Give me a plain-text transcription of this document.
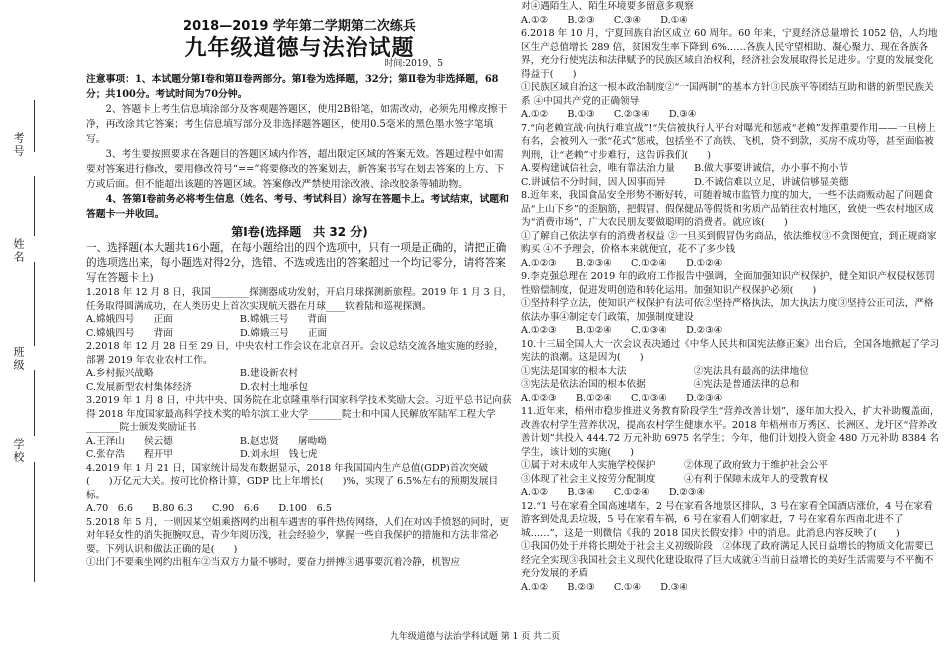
考号
姓名
班级
学校
2018—2019 学年第二学期第二次练兵
九年级道德与法治试题
时间:2019、5

注意事项：1、本试题分第Ⅰ卷和第Ⅱ卷两部分。第Ⅰ卷为选择题，32分；第Ⅱ卷为非选择题，68分；共100分。考试时间为70分钟。

2、答题卡上考生信息填涂部分及客观题答题区，使用2B铅笔，如需改动，必须先用橡皮擦干净，再改涂其它答案；考生信息填写部分及非选择题答题区，使用0.5毫米的黑色墨水签字笔填写。

3、考生要按照要求在各题目的答题区域内作答，超出限定区域的答案无效。答题过程中如需要对答案进行修改，要用修改符号“==”将要修改的答案划去，新答案书写在划去答案的上方、下方或后面。但不能超出该题的答题区域。答案修改严禁使用涂改液、涂改胶条等辅助物。

4、答第Ⅰ卷前务必将考生信息（姓名、考号、考试科目）涂写在答题卡上。考试结束，试题和答题卡一并收回。

第Ⅰ卷(选择题　共 32 分)

一、选择题(本大题共16小题，在每小题给出的四个选项中，只有一项是正确的，请把正确的选项选出来，每小题选对得2分，选错、不选或选出的答案超过一个均记零分，请将答案写在答题卡上)

1.2018 年 12 月 8 日，我国________探测器成功发射，开启月球探测新旅程。2019 年 1 月 3 日，任务取得圆满成功，在人类历史上首次实现航天器在月球____软着陆和巡视探测。

A.嫦娥四号　　正面　　　　　　　B.嫦娥三号　　背面

C.嫦娥四号　　背面　　　　　　　D.嫦娥三号　　正面

2.2018 年 12 月 28 日至 29 日，中央农村工作会议在北京召开。会议总结交流各地实施的经验，部署 2019 年农业农村工作。

A.乡村振兴战略　　　　　　　　　B.建设新农村

C.发展新型农村集体经济　　　　　D.农村土地承包

3.2019 年 1 月 8 日，中共中央、国务院在北京隆重举行国家科学技术奖励大会。习近平总书记向获得 2018 年度国家最高科学技术奖的哈尔滨工业大学_______院士和中国人民解放军陆军工程大学_______院士颁发奖励证书

A.王泽山　　侯云德　　　　　　　B.赵忠贤　　屠呦呦

C.张存浩　　程开甲　　　　　　　D.刘永坦　钱七虎

4.2019 年 1 月 21 日，国家统计局发布数据显示，2018 年我国国内生产总值(GDP)首次突破(　　)万亿元大关。按可比价格计算，GDP 比上年增长(　　)%，实现了 6.5%左右的预期发展目标。

A.70　6.6　　B.80 6.3　　C.90　6.6　　D.100　6.5

5.2018 年 5 月，一则因某空姐乘搭网约出租车遇害的事件热传网络，人们在对凶手愤怒的同时，更对年轻女性的消失扼腕叹息，青少年阅历浅，社会经验少，掌握一些自我保护的措施和方法非常必要。下列认识和做法正确的是(　　)

①出门不要乘坐网约出租车②当双方力量不够时，要奋力拼搏③遇事要沉着冷静，机智应

对④遇陌生人、陌生环境要多留意多观察

A.①②　　B.②③　　C.③④　　D.①④

6.2018 年 10 月，宁夏回族自治区成立 60 周年。60 年来，宁夏经济总量增长 1052 倍，人均地区生产总值增长 289 倍，贫困发生率下降到 6%……各族人民守望相助、凝心聚力、现在各族各界，充分行使宪法和法律赋予的民族区域自治权利，经济社会发展取得长足进步。宁夏的发展变化得益于(　　)

①民族区域自治这一根本政治制度②“一国两制”的基本方针③民族平等团结互助和谐的新型民族关系 ④中国共产党的正确领导

A.①②　　B.①③　　C.②③④　　D.③④

7.“向老赖宣战·向执行难宣战”!“失信被执行人平台对曝光和惩戒“老赖”发挥重要作用——一旦榜上有名，会被列入一张“花式”惩戒，包括坐不了高铁、飞机，贷不到款，买房不成功等，甚至面临被判刑，让“老赖”寸步难行，这告诉我们(　　)

A.要构建诚信社会，唯有靠法治力量　　B.做大事要讲诚信，办小事不拘小节

C.讲诚信不分时间，因人因事而异　　　D.不诚信难以立足，讲诚信够显美德

8.近年来，我国食品安全形势不断好转，可随着城市监管力度的加大，一些不法商贩动起了问题食品“上山下乡”的歪脑筋，把假冒、假保健品等假货和劣质产品销往农村地区，致使一些农村地区成为“消费市场”，广大农民朋友要做聪明的消费者。就应该(　　)

①了解自己依法享有的消费者权益 ②一旦买到假冒伪劣商品，依法维权③不贪图便宜，到正规商家购买 ④不予理会，价格本来就便宜，花不了多少钱

A.①②③　　B.②③④　　C.①②④　　D.①②④

9.李克强总理在 2019 年的政府工作报告中强调，全面加强知识产权保护，健全知识产权侵权惩罚性赔偿制度，促进发明创造和转化运用。加强知识产权保护必须(　　)

①坚持科学立法，使知识产权保护有法可依②坚持严格执法，加大执法力度③坚持公正司法，严格依法办事④制定专门政策，加强制度建设

A.①②③　　B.①②④　　C.①③④　　D.②③④

10.十三届全国人大一次会议表决通过《中华人民共和国宪法修正案》出台后，全国各地掀起了学习宪法的浪潮。这是因为(　　)

①宪法是国家的根本大法　　　　　　　②宪法具有最高的法律地位

③宪法是依法治国的根本依据　　　　　④宪法是普通法律的总和

A.①②③　　B.①②④　　C.①③④　　D.②③④

11.近年来，梧州市稳步推进义务教育阶段学生“营养改善计划”，逐年加大投入，扩大补助覆盖面，改善农村学生营养状况，提高农村学生健康水平。2018 年梧州市万秀区、长洲区、龙圩区“营养改善计划”共投入 444.72 万元补助 6975 名学生；今年，他们计划投入资金 480 万元补助 8384 名学生，该计划的实施(　　)

①属于对未成年人实施学校保护　　　②体现了政府致力于维护社会公平

③体现了社会主义按劳分配制度　　　④有利于保障未成年人的受教育权

A.①②　　B.③④　　C.①②④　　D.②③④

12.“1 号在家看全国高速堵车，2 号在家看各地景区排队，3 号在家看全国酒店涨价，4 号在家看游客到处乱丢垃圾，5 号在家看车祸，6 号在家看人们朝家赶，7 号在家看东西南北进不了城……”，这是一则微信《我的 2018 国庆长假安排》中的消息。此消息内容反映了(　　)

①我国仍处于并将长期处于社会主义初级阶段　②体现了政府满足人民日益增长的物质文化需要已经完全实现③我国社会主义现代化建设取得了巨大成就④当前日益增长的美好生活需要与不平衡不充分发展的矛盾

A.①②　　B.②③　　C.①④　　D.③④

九年级道德与法治学科试题 第 1 页 共二页
